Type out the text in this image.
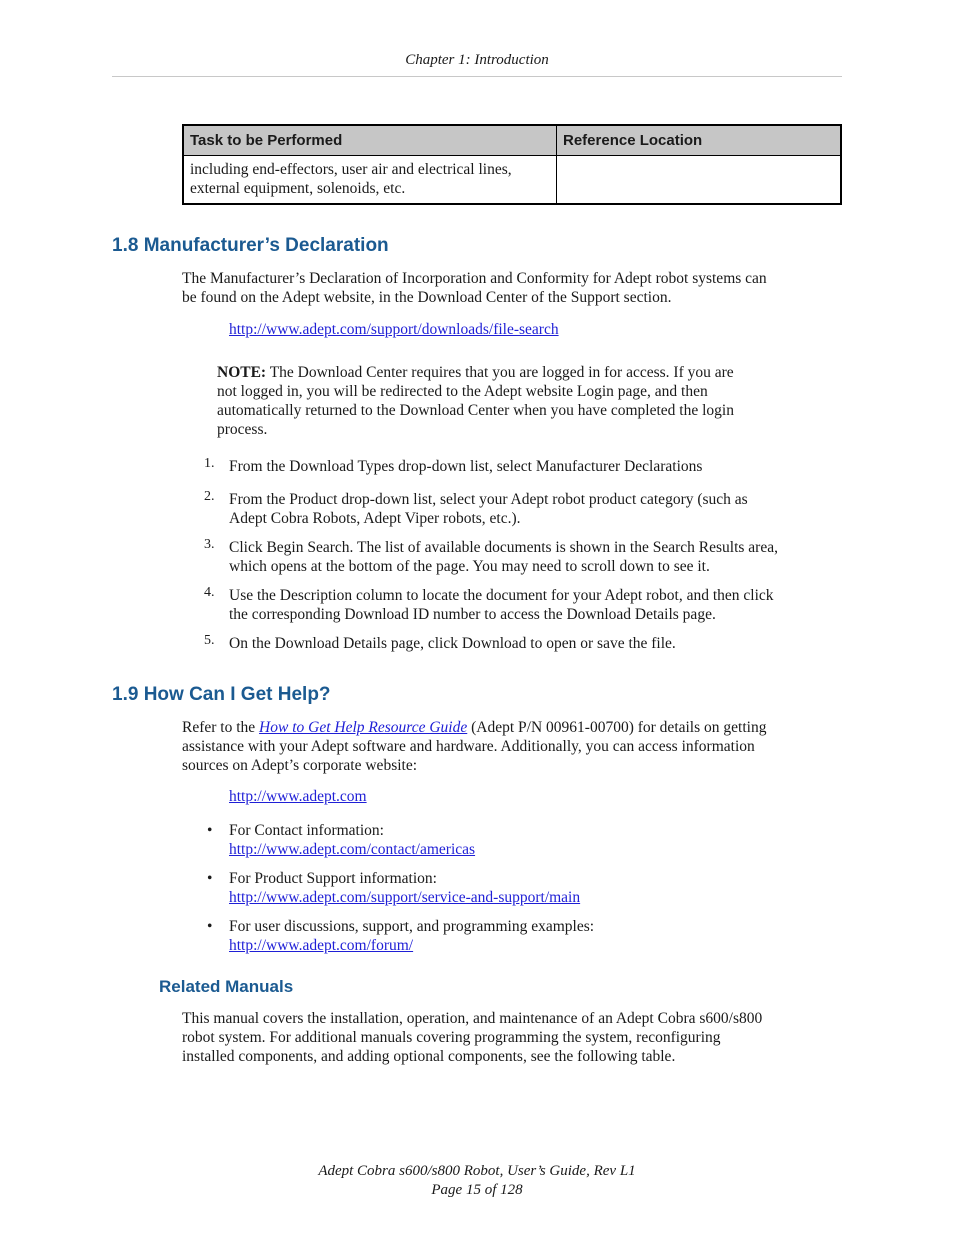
Chapter 1: Introduction
Task to be Performed	Reference Location
including end-effectors, user air and electrical lines,
external equipment, solenoids, etc.	
1.8 Manufacturer’s Declaration
The Manufacturer’s Declaration of Incorporation and Conformity for Adept robot systems can
be found on the Adept website, in the Download Center of the Support section.
http://www.adept.com/support/downloads/file-search
NOTE: The Download Center requires that you are logged in for access. If you are
not logged in, you will be redirected to the Adept website Login page, and then
automatically returned to the Download Center when you have completed the login
process.
1. From the Download Types drop-down list, select Manufacturer Declarations
2. From the Product drop-down list, select your Adept robot product category (such as
Adept Cobra Robots, Adept Viper robots, etc.).
3. Click Begin Search. The list of available documents is shown in the Search Results area,
which opens at the bottom of the page. You may need to scroll down to see it.
4. Use the Description column to locate the document for your Adept robot, and then click
the corresponding Download ID number to access the Download Details page.
5. On the Download Details page, click Download to open or save the file.
1.9 How Can I Get Help?
Refer to the How to Get Help Resource Guide (Adept P/N 00961-00700) for details on getting
assistance with your Adept software and hardware. Additionally, you can access information
sources on Adept’s corporate website:
http://www.adept.com
•	For Contact information:
http://www.adept.com/contact/americas
•	For Product Support information:
http://www.adept.com/support/service-and-support/main
•	For user discussions, support, and programming examples:
http://www.adept.com/forum/
Related Manuals
This manual covers the installation, operation, and maintenance of an Adept Cobra s600/s800
robot system. For additional manuals covering programming the system, reconfiguring
installed components, and adding optional components, see the following table.
Adept Cobra s600/s800 Robot, User’s Guide, Rev L1
Page 15 of 128
